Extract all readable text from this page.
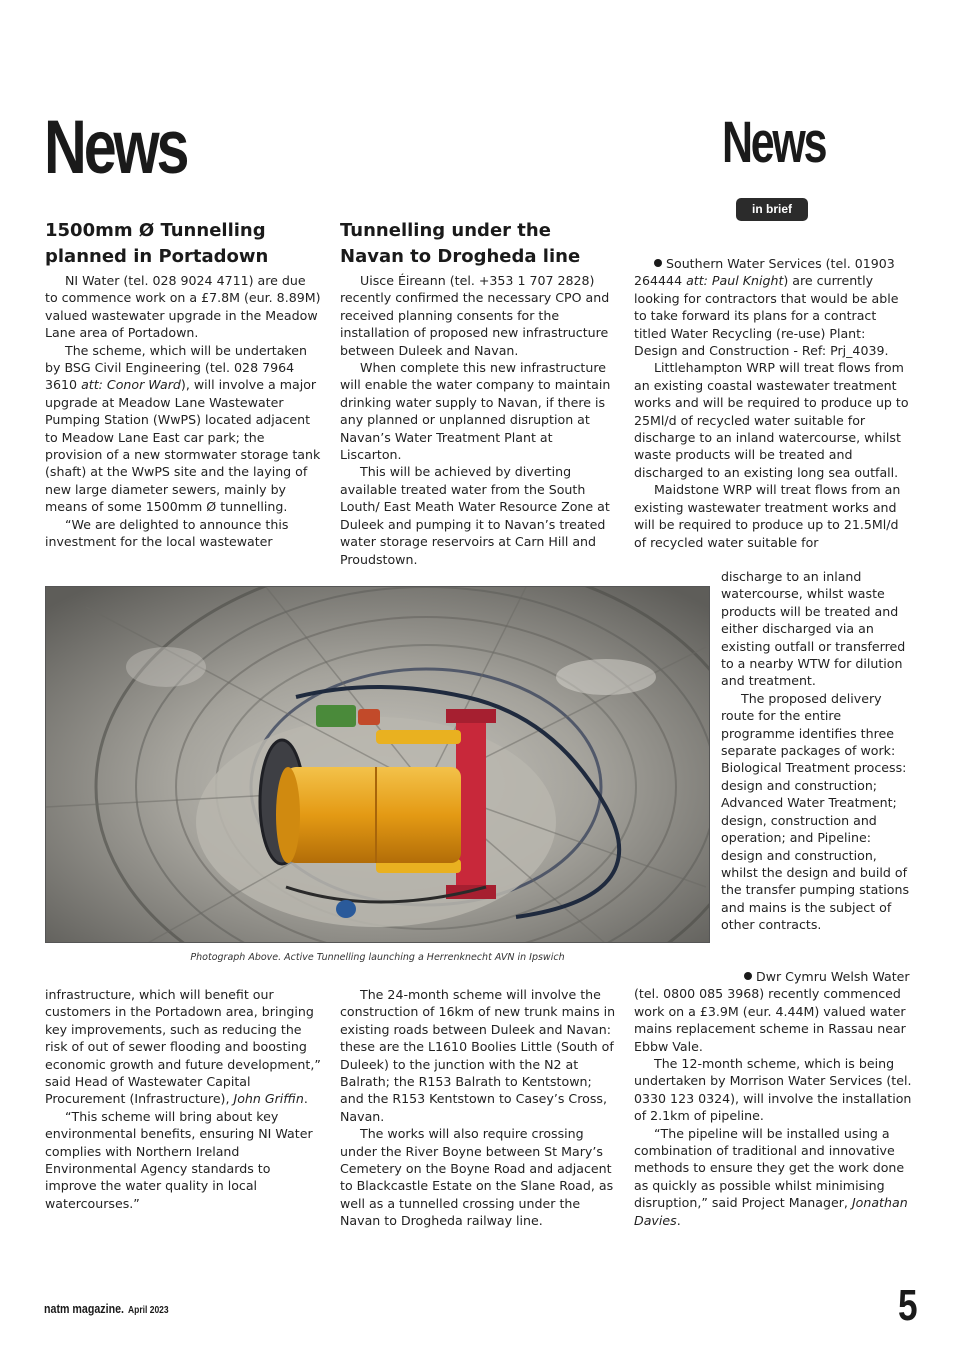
News	News
in brief
1500mm Ø Tunnelling planned in Portadown

NI Water (tel. 028 9024 4711) are due to commence work on a £7.8M (eur. 8.89M) valued wastewater upgrade in the Meadow Lane area of Portadown.

The scheme, which will be undertaken by BSG Civil Engineering (tel. 028 7964 3610 att: Conor Ward), will involve a major upgrade at Meadow Lane Wastewater Pumping Station (WwPS) located adjacent to Meadow Lane East car park; the provision of a new stormwater storage tank (shaft) at the WwPS site and the laying of new large diameter sewers, mainly by means of some 1500mm Ø tunnelling.

“We are delighted to announce this investment for the local wastewater

Tunnelling under the Navan to Drogheda line

Uisce Éireann (tel. +353 1 707 2828) recently confirmed the necessary CPO and received planning consents for the installation of proposed new infrastructure between Duleek and Navan.

When complete this new infrastructure will enable the water company to maintain drinking water supply to Navan, if there is any planned or unplanned disruption at Navan’s Water Treatment Plant at Liscarton.

This will be achieved by diverting available treated water from the South Louth/ East Meath Water Resource Zone at Duleek and pumping it to Navan’s treated water storage reservoirs at Carn Hill and Proudstown.

Southern Water Services (tel. 01903 264444 att: Paul Knight) are currently looking for contractors that would be able to take forward its plans for a contract titled Water Recycling (re-use) Plant: Design and Construction - Ref: Prj_4039.

Littlehampton WRP will treat flows from an existing coastal wastewater treatment works and will be required to produce up to 25Ml/d of recycled water suitable for discharge to an inland watercourse, whilst waste products will be treated and discharged to an existing long sea outfall.

Maidstone WRP will treat flows from an existing wastewater treatment works and will be required to produce up to 21.5Ml/d of recycled water suitable for

discharge to an inland watercourse, whilst waste products will be treated and either discharged via an existing outfall or transferred to a nearby WTW for dilution and treatment.

The proposed delivery route for the entire programme identifies three separate packages of work: Biological Treatment process: design and construction; Advanced Water Treatment; design, construction and operation; and Pipeline: design and construction, whilst the design and build of the transfer pumping stations and mains is the subject of other contracts.

Photograph Above. Active Tunnelling launching a Herrenknecht AVN in Ipswich

infrastructure, which will benefit our customers in the Portadown area, bringing key improvements, such as reducing the risk of out of sewer flooding and boosting economic growth and future development,” said Head of Wastewater Capital Procurement (Infrastructure), John Griffin.

“This scheme will bring about key environmental benefits, ensuring NI Water complies with Northern Ireland Environmental Agency standards to improve the water quality in local watercourses.”

The 24-month scheme will involve the construction of 16km of new trunk mains in existing roads between Duleek and Navan: these are the L1610 Boolies Little (South of Duleek) to the junction with the N2 at Balrath; the R153 Balrath to Kentstown; and the R153 Kentstown to Casey’s Cross, Navan.

The works will also require crossing under the River Boyne between St Mary’s Cemetery on the Boyne Road and adjacent to Blackcastle Estate on the Slane Road, as well as a tunnelled crossing under the Navan to Drogheda railway line.

Dwr Cymru Welsh Water (tel. 0800 085 3968) recently commenced work on a £3.9M (eur. 4.44M) valued water mains replacement scheme in Rassau near Ebbw Vale.

The 12-month scheme, which is being undertaken by Morrison Water Services (tel. 0330 123 0324), will involve the installation of 2.1km of pipeline.

“The pipeline will be installed using a combination of traditional and innovative methods to ensure they get the work done as quickly as possible whilst minimising disruption,” said Project Manager, Jonathan Davies.

natm magazine. April 2023	5
